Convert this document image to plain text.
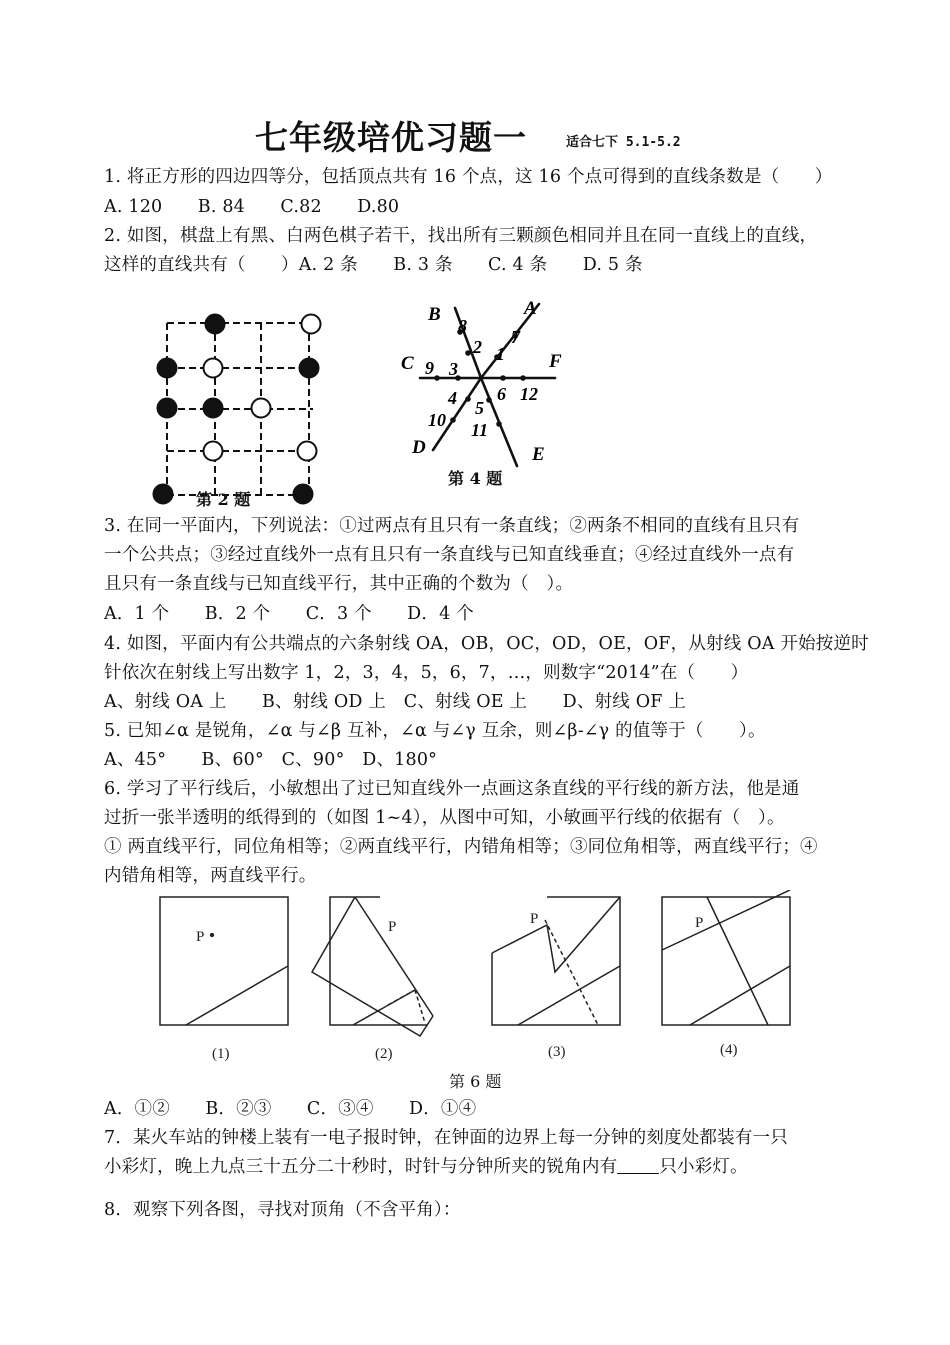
七年级培优习题一	适合七下 5.1-5.2
1. 将正方形的四边四等分，包括顶点共有 16 个点，这 16 个点可得到的直线条数是（　　）
A. 120　　B. 84　　C.82　　D.80
2. 如图，棋盘上有黑、白两色棋子若干，找出所有三颗颜色相同并且在同一直线上的直线，
这样的直线共有（　　）A. 2 条　　B. 3 条　　C. 4 条　　D. 5 条
第 2 题
A
B
C
D	E
F
1
2
3
4 5
6
7
8
9
10 11
12
第 4 题
3. 在同一平面内，下列说法：①过两点有且只有一条直线；②两条不相同的直线有且只有
一个公共点；③经过直线外一点有且只有一条直线与已知直线垂直；④经过直线外一点有
且只有一条直线与已知直线平行，其中正确的个数为（　）。
A．1 个　　B．2 个　　C．3 个　　D．4 个
4. 如图，平面内有公共端点的六条射线 OA，OB，OC，OD，OE，OF，从射线 OA 开始按逆时
针依次在射线上写出数字 1，2，3，4，5，6，7，…，则数字“2014”在（　　）
A、射线 OA 上　　B、射线 OD 上　C、射线 OE 上　　D、射线 OF 上
5. 已知∠α 是锐角，∠α 与∠β 互补，∠α 与∠γ 互余，则∠β-∠γ 的值等于（　　）。
A、45°　　B、60°　C、90°　D、180°
6. 学习了平行线后，小敏想出了过已知直线外一点画这条直线的平行线的新方法，他是通
过折一张半透明的纸得到的（如图 1~4），从图中可知，小敏画平行线的依据有（　）。
① 两直线平行，同位角相等；②两直线平行，内错角相等；③同位角相等，两直线平行；④
内错角相等，两直线平行。
P
P	P	P
(1)	(2)	(3)	(4)
第 6 题
A．①②　　B．②③　　C．③④　　D．①④
7．某火车站的钟楼上装有一电子报时钟，在钟面的边界上每一分钟的刻度处都装有一只
小彩灯，晚上九点三十五分二十秒时，时针与分钟所夹的锐角内有 只小彩灯。
8．观察下列各图，寻找对顶角（不含平角）：
